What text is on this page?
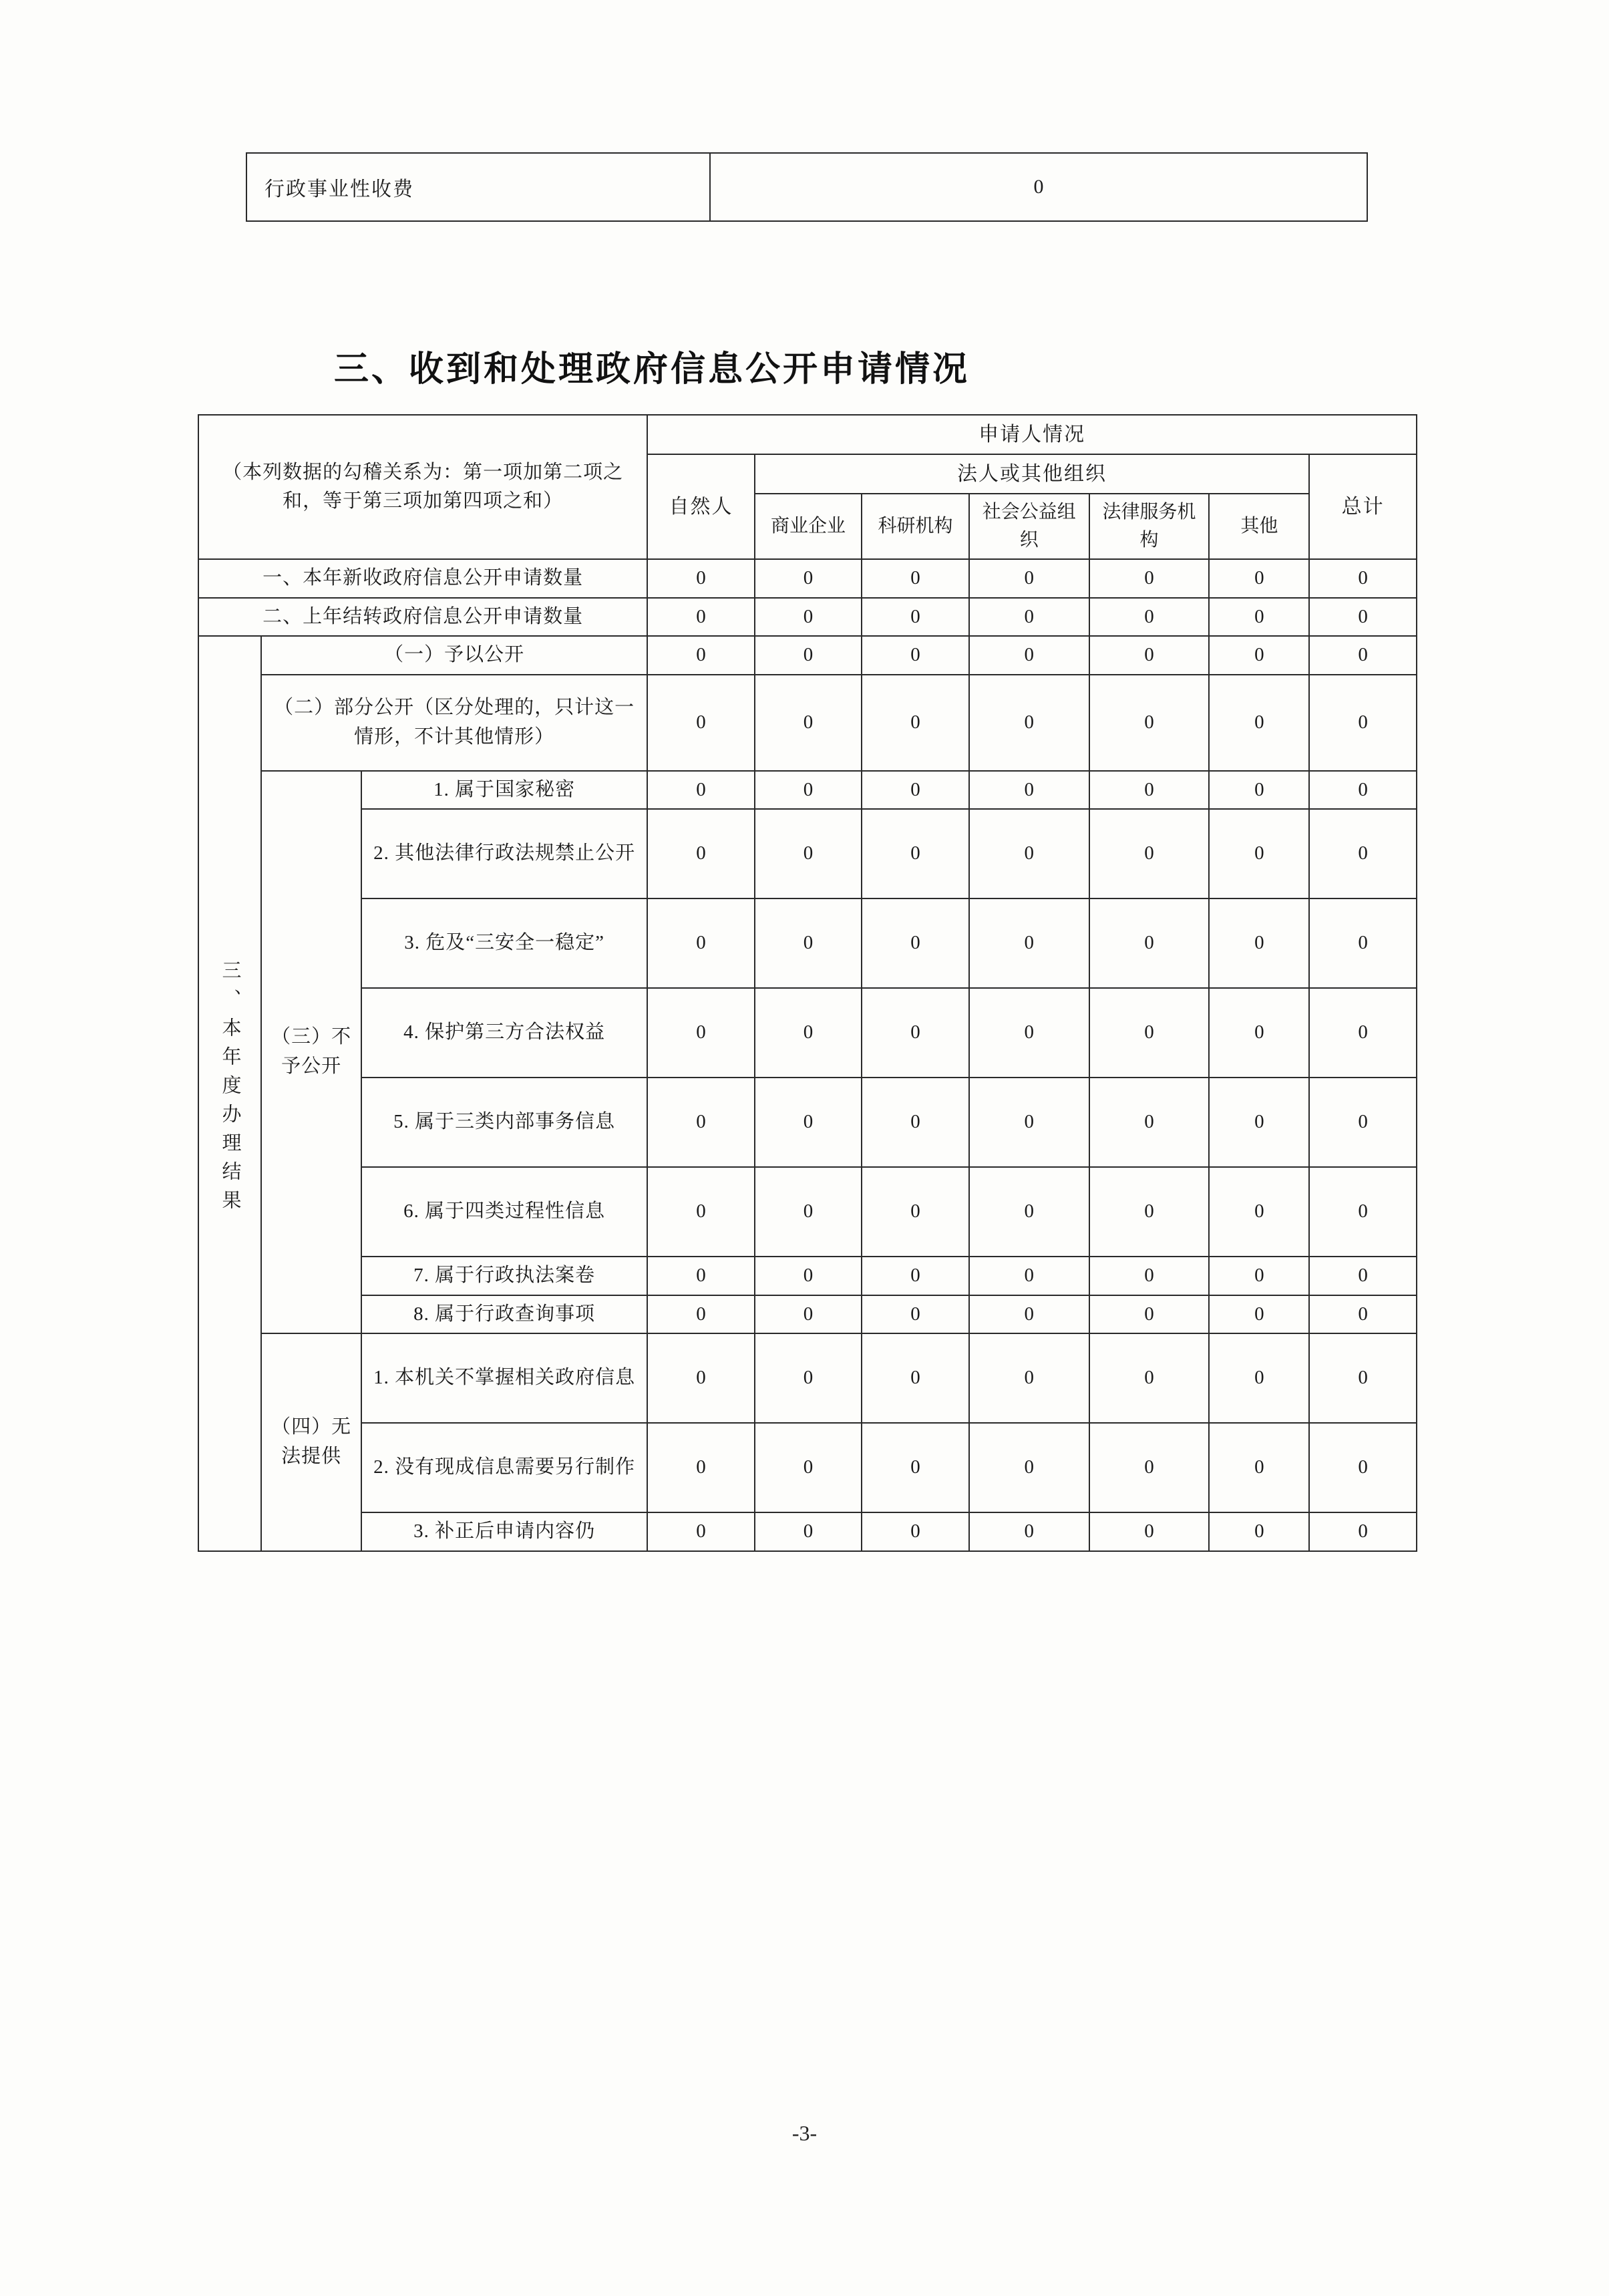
行政事业性收费	0
三、收到和处理政府信息公开申请情况
（本列数据的勾稽关系为：第一项加第二项之和，等于第三项加第四项之和）			申请人情况						
			自然人	法人或其他组织					总计
				商业企业	科研机构	社会公益组织	法律服务机构	其他	
一、本年新收政府信息公开申请数量			0	0	0	0	0	0	0
二、上年结转政府信息公开申请数量			0	0	0	0	0	0	0
三、本年度办理结果	（一）予以公开		0	0	0	0	0	0	0
	（二）部分公开（区分处理的，只计这一情形，不计其他情形）		0	0	0	0	0	0	0
	（三）不予公开	1. 属于国家秘密	0	0	0	0	0	0	0
		2. 其他法律行政法规禁止公开	0	0	0	0	0	0	0
		3. 危及“三安全一稳定”	0	0	0	0	0	0	0
		4. 保护第三方合法权益	0	0	0	0	0	0	0
		5. 属于三类内部事务信息	0	0	0	0	0	0	0
		6. 属于四类过程性信息	0	0	0	0	0	0	0
		7. 属于行政执法案卷	0	0	0	0	0	0	0
		8. 属于行政查询事项	0	0	0	0	0	0	0
	（四）无法提供	1. 本机关不掌握相关政府信息	0	0	0	0	0	0	0
		2. 没有现成信息需要另行制作	0	0	0	0	0	0	0
		3. 补正后申请内容仍	0	0	0	0	0	0	0
-3-
